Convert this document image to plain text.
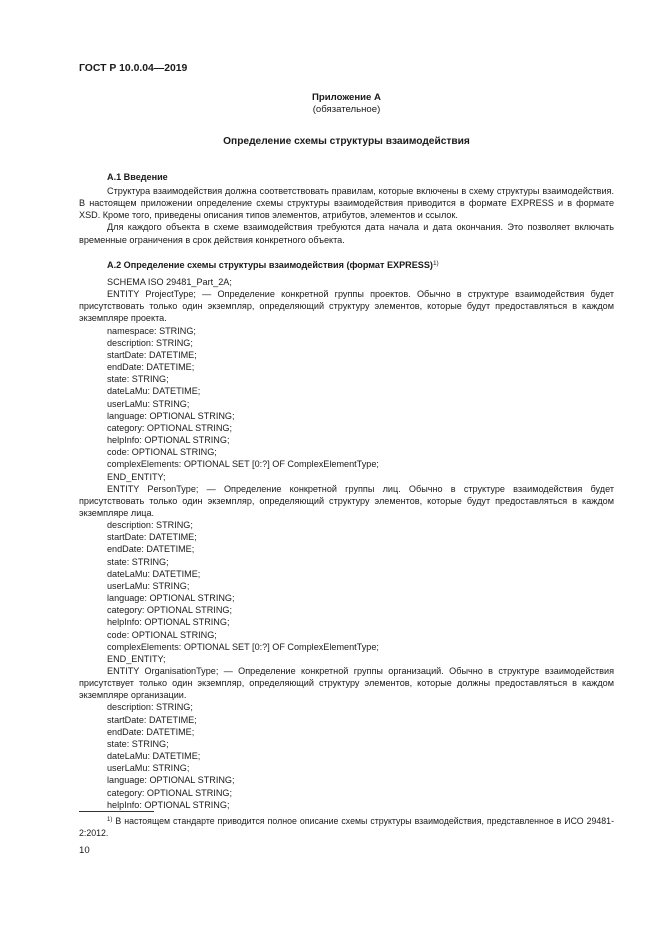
ГОСТ Р 10.0.04—2019
Приложение А
(обязательное)
Определение схемы структуры взаимодействия
А.1 Введение

Структура взаимодействия должна соответствовать правилам, которые включены в схему структуры взаимодействия. В настоящем приложении определение схемы структуры взаимодействия приводится в формате EXPRESS и в формате XSD. Кроме того, приведены описания типов элементов, атрибутов, элементов и ссылок.

Для каждого объекта в схеме взаимодействия требуются дата начала и дата окончания. Это позволяет включать временные ограничения в срок действия конкретного объекта.

А.2 Определение схемы структуры взаимодействия (формат EXPRESS)$^{1)}$
SCHEMA ISO 29481_Part_2A;

ENTITY ProjectType; — Определение конкретной группы проектов. Обычно в структуре взаимодействия будет присутствовать только один экземпляр, определяющий структуру элементов, которые будут предоставляться в каждом экземпляре проекта.

namespace: STRING;
description: STRING;
startDate: DATETIME;
endDate: DATETIME;
state: STRING;
dateLaMu: DATETIME;
userLaMu: STRING;
language: OPTIONAL STRING;
category: OPTIONAL STRING;
helpInfo: OPTIONAL STRING;
code: OPTIONAL STRING;
complexElements: OPTIONAL SET [0:?] OF ComplexElementType;
END_ENTITY;

ENTITY PersonType; — Определение конкретной группы лиц. Обычно в структуре взаимодействия будет присутствовать только один экземпляр, определяющий структуру элементов, которые будут предоставляться в каждом экземпляре лица.

description: STRING;
startDate: DATETIME;
endDate: DATETIME;
state: STRING;
dateLaMu: DATETIME;
userLaMu: STRING;
language: OPTIONAL STRING;
category: OPTIONAL STRING;
helpInfo: OPTIONAL STRING;
code: OPTIONAL STRING;
complexElements: OPTIONAL SET [0:?] OF ComplexElementType;
END_ENTITY;

ENTITY OrganisationType; — Определение конкретной группы организаций. Обычно в структуре взаимодействия присутствует только один экземпляр, определяющий структуру элементов, которые должны предоставляться в каждом экземпляре организации.

description: STRING;
startDate: DATETIME;
endDate: DATETIME;
state: STRING;
dateLaMu: DATETIME;
userLaMu: STRING;
language: OPTIONAL STRING;
category: OPTIONAL STRING;
helpInfo: OPTIONAL STRING;

$^{1)}$ В настоящем стандарте приводится полное описание схемы структуры взаимодействия, представленное в ИСО 29481-2:2012.

10
